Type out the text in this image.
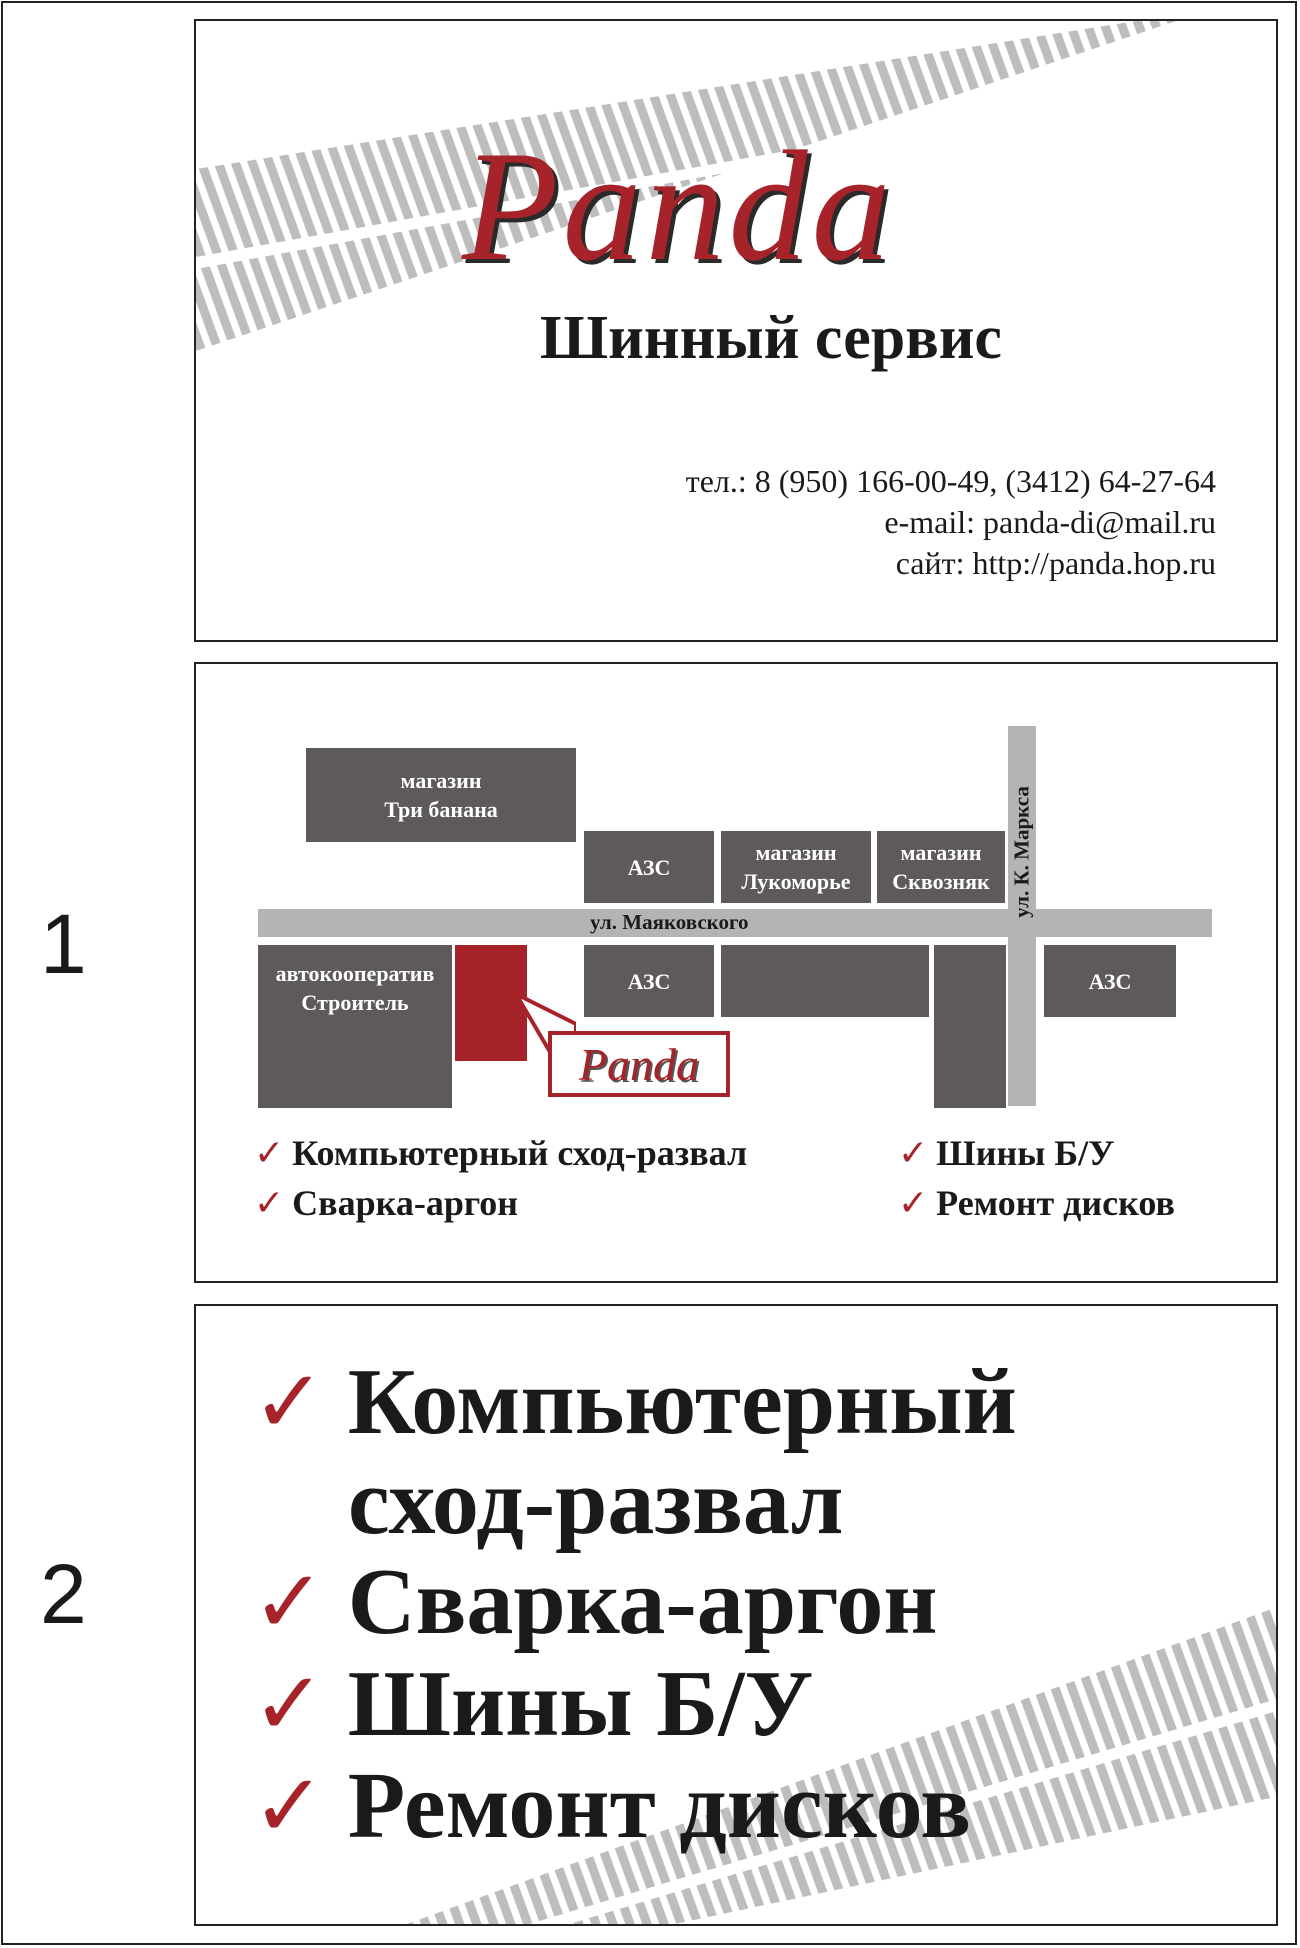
Panda
Шинный сервис
тел.: 8 (950) 166-00-49, (3412) 64-27-64
e-mail: panda-di@mail.ru
сайт: http://panda.hop.ru
1	ул. Маяковского
ул. К. Маркса
магазин
Три банана
АЗС
магазин
Лукоморье
магазин
Сквозняк
автокооператив
Строитель
Panda
АЗС	АЗС
✓ Компьютерный сход-развал
✓ Сварка-аргон
✓ Шины Б/У
✓ Ремонт дисков
2
✓ Компьютерный
сход-развал
✓ Сварка-аргон
✓ Шины Б/У
✓ Ремонт дисков
